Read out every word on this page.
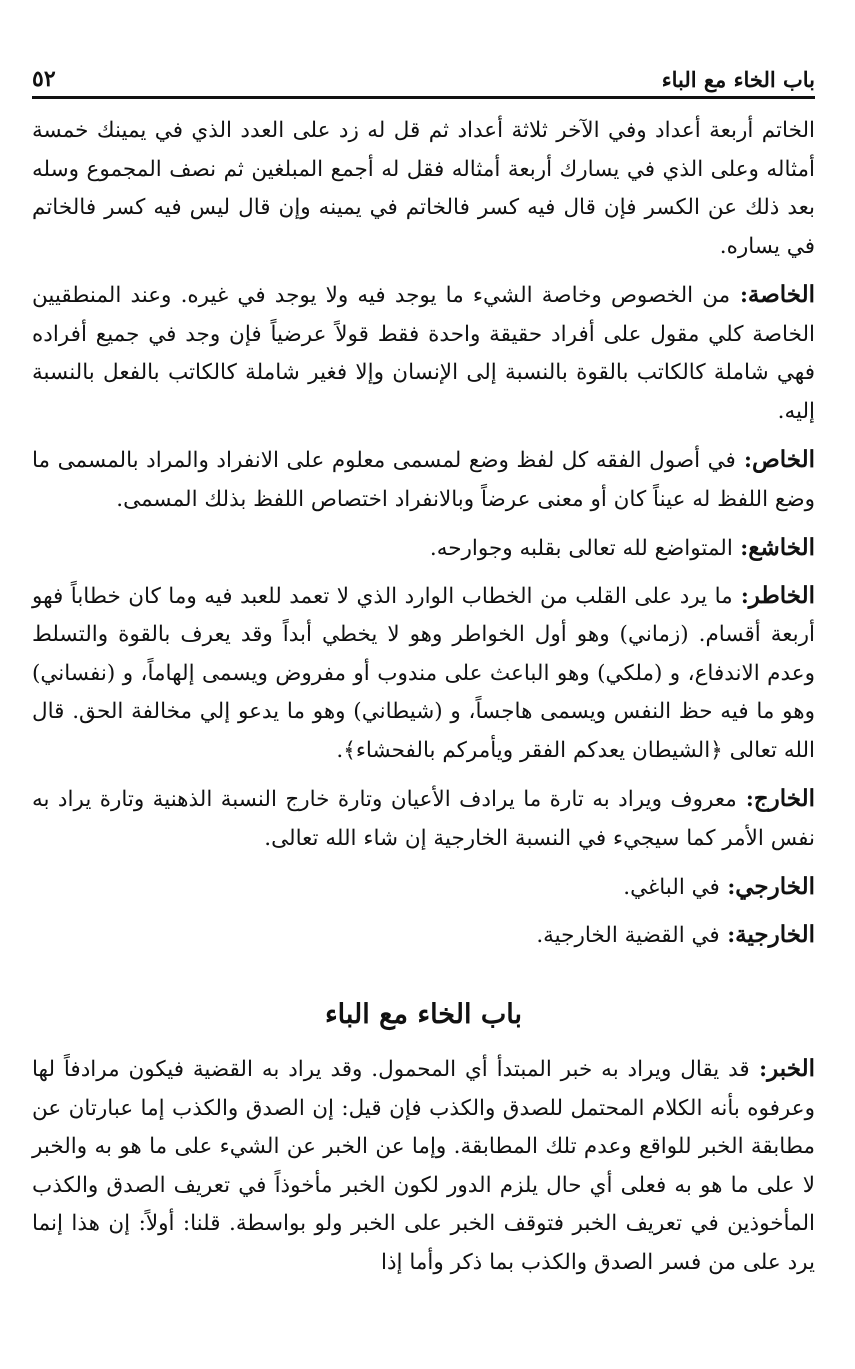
باب الخاء مع الباء
٥٢

الخاتم أربعة أعداد وفي الآخر ثلاثة أعداد ثم قل له زد على العدد الذي في يمينك خمسة أمثاله وعلى الذي في يسارك أربعة أمثاله فقل له أجمع المبلغين ثم نصف المجموع وسله بعد ذلك عن الكسر فإن قال فيه كسر فالخاتم في يمينه وإن قال ليس فيه كسر فالخاتم في يساره.

الخاصة: من الخصوص وخاصة الشيء ما يوجد فيه ولا يوجد في غيره. وعند المنطقيين الخاصة كلي مقول على أفراد حقيقة واحدة فقط قولاً عرضياً فإن وجد في جميع أفراده فهي شاملة كالكاتب بالقوة بالنسبة إلى الإنسان وإلا فغير شاملة كالكاتب بالفعل بالنسبة إليه.

الخاص: في أصول الفقه كل لفظ وضع لمسمى معلوم على الانفراد والمراد بالمسمى ما وضع اللفظ له عيناً كان أو معنى عرضاً وبالانفراد اختصاص اللفظ بذلك المسمى.

الخاشع: المتواضع لله تعالى بقلبه وجوارحه.

الخاطر: ما يرد على القلب من الخطاب الوارد الذي لا تعمد للعبد فيه وما كان خطاباً فهو أربعة أقسام. (زماني) وهو أول الخواطر وهو لا يخطي أبداً وقد يعرف بالقوة والتسلط وعدم الاندفاع، و (ملكي) وهو الباعث على مندوب أو مفروض ويسمى إلهاماً، و (نفساني) وهو ما فيه حظ النفس ويسمى هاجساً، و (شيطاني) وهو ما يدعو إلي مخالفة الحق. قال الله تعالى ﴿الشيطان يعدكم الفقر ويأمركم بالفحشاء﴾.

الخارج: معروف ويراد به تارة ما يرادف الأعيان وتارة خارج النسبة الذهنية وتارة يراد به نفس الأمر كما سيجيء في النسبة الخارجية إن شاء الله تعالى.

الخارجي: في الباغي.

الخارجية: في القضية الخارجية.

باب الخاء مع الباء

الخبر: قد يقال ويراد به خبر المبتدأ أي المحمول. وقد يراد به القضية فيكون مرادفاً لها وعرفوه بأنه الكلام المحتمل للصدق والكذب فإن قيل: إن الصدق والكذب إما عبارتان عن مطابقة الخبر للواقع وعدم تلك المطابقة. وإما عن الخبر عن الشيء على ما هو به والخبر لا على ما هو به فعلى أي حال يلزم الدور لكون الخبر مأخوذاً في تعريف الصدق والكذب المأخوذين في تعريف الخبر فتوقف الخبر على الخبر ولو بواسطة. قلنا: أولاً: إن هذا إنما يرد على من فسر الصدق والكذب بما ذكر وأما إذا
